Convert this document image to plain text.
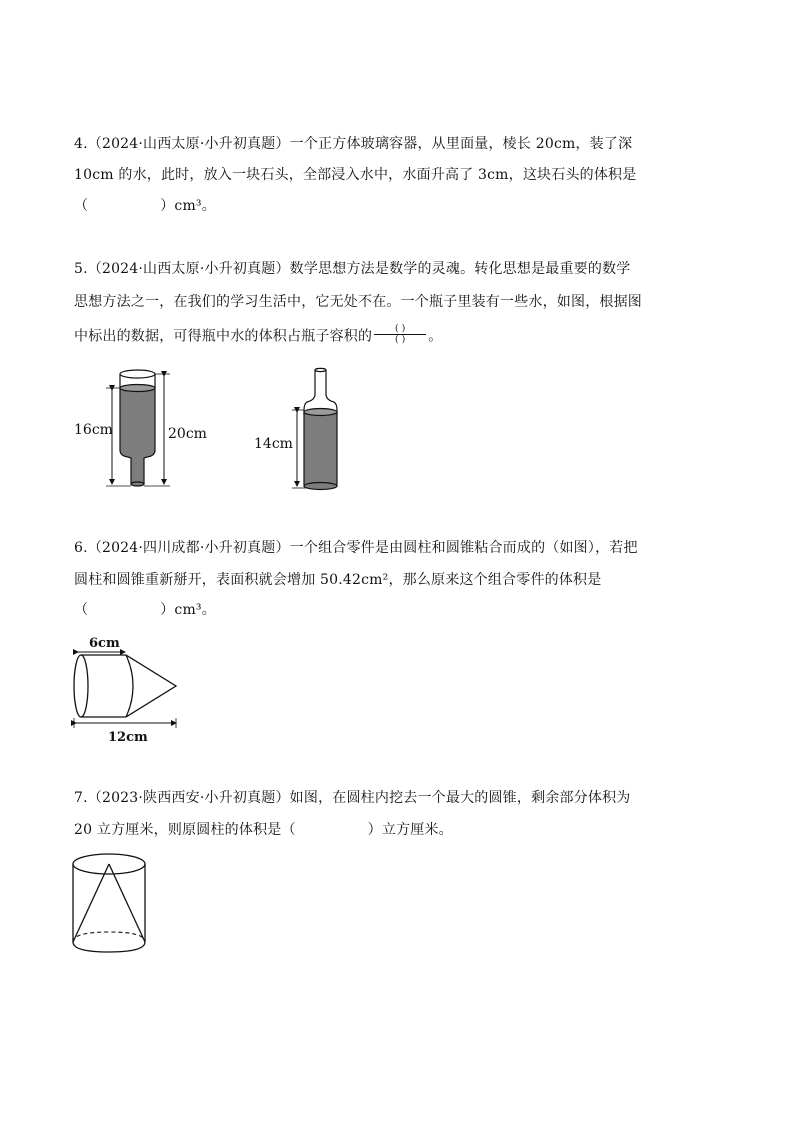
4.（2024·山西太原·小升初真题）一个正方体玻璃容器，从里面量，棱长 20cm，装了深
10cm 的水，此时，放入一块石头，全部浸入水中，水面升高了 3cm，这块石头的体积是
（	）cm³。
5.（2024·山西太原·小升初真题）数学思想方法是数学的灵魂。转化思想是最重要的数学
思想方法之一，在我们的学习生活中，它无处不在。一个瓶子里装有一些水，如图，根据图
中标出的数据，可得瓶中水的体积占瓶子容积的 $\frac{( )}{( )}$ 。
16cm	20cm
14cm
6.（2024·四川成都·小升初真题）一个组合零件是由圆柱和圆锥粘合而成的（如图），若把
圆柱和圆锥重新掰开，表面积就会增加 50.42cm²，那么原来这个组合零件的体积是
（	）cm³。
6cm
12cm
7.（2023·陕西西安·小升初真题）如图，在圆柱内挖去一个最大的圆锥，剩余部分体积为
20 立方厘米，则原圆柱的体积是（	）立方厘米。
